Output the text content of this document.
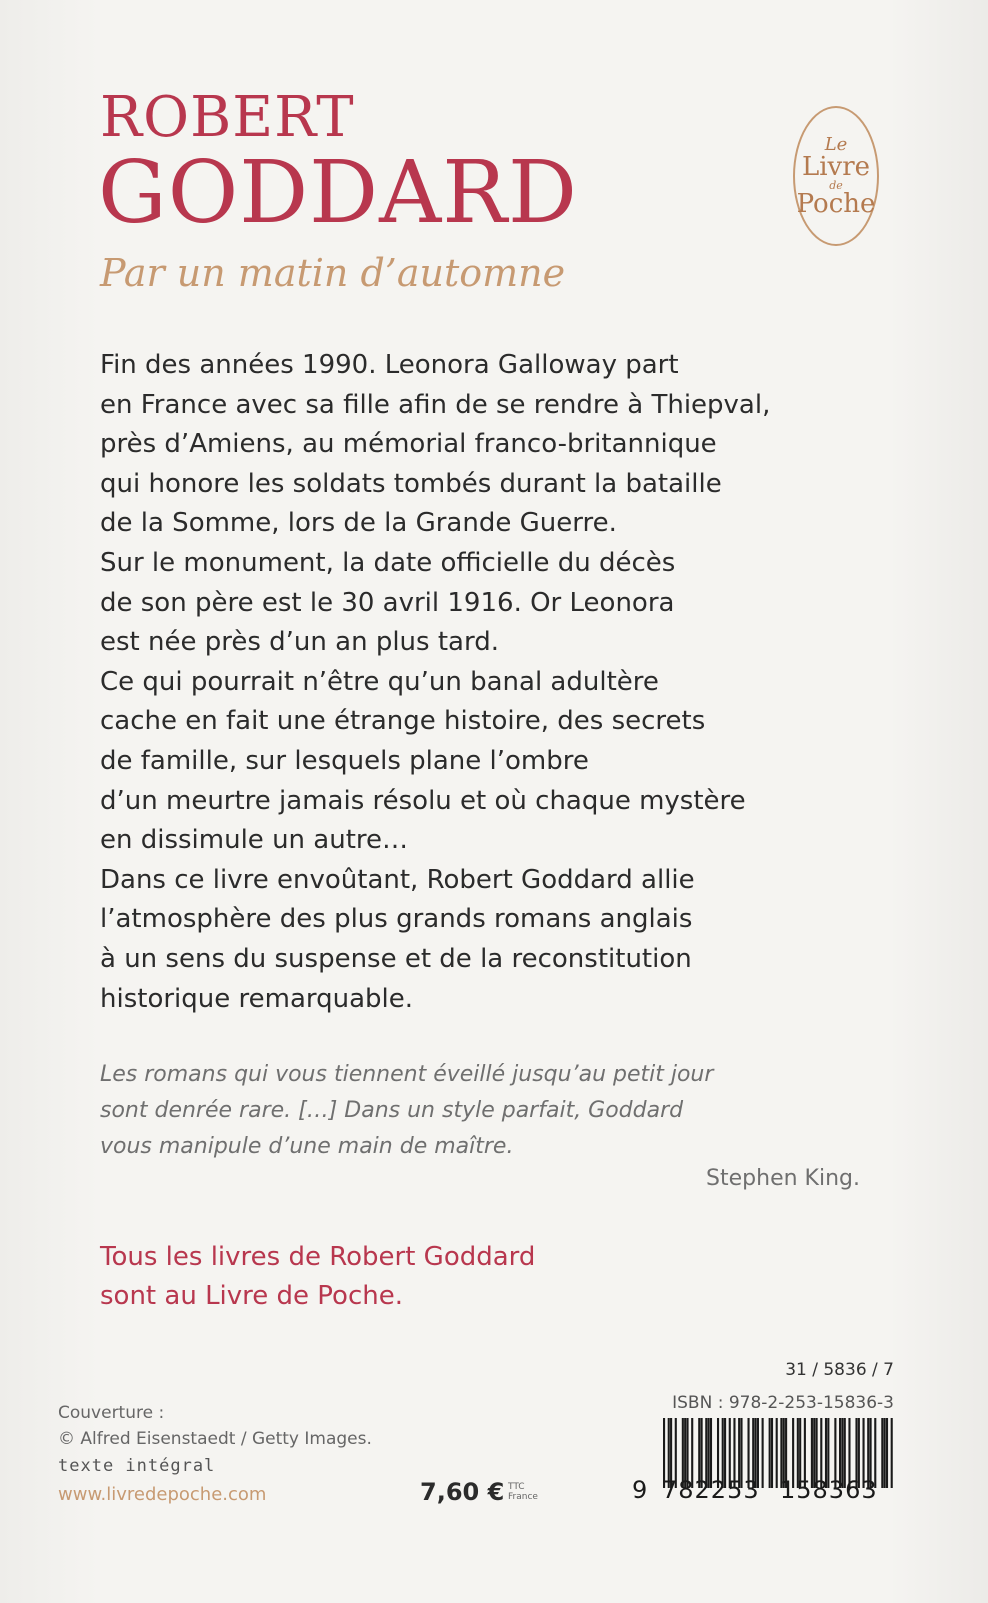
ROBERT
GODDARD
Par un matin d’automne
Le
Livre
de
Poche
Fin des années 1990. Leonora Galloway part
en France avec sa fille afin de se rendre à Thiepval,
près d’Amiens, au mémorial franco-britannique
qui honore les soldats tombés durant la bataille
de la Somme, lors de la Grande Guerre.
Sur le monument, la date officielle du décès
de son père est le 30 avril 1916. Or Leonora
est née près d’un an plus tard.
Ce qui pourrait n’être qu’un banal adultère
cache en fait une étrange histoire, des secrets
de famille, sur lesquels plane l’ombre
d’un meurtre jamais résolu et où chaque mystère
en dissimule un autre…
Dans ce livre envoûtant, Robert Goddard allie
l’atmosphère des plus grands romans anglais
à un sens du suspense et de la reconstitution
historique remarquable.
Les romans qui vous tiennent éveillé jusqu’au petit jour
sont denrée rare. […] Dans un style parfait, Goddard
vous manipule d’une main de maître.
Stephen King.
Tous les livres de Robert Goddard
sont au Livre de Poche.
Couverture :
© Alfred Eisenstaedt / Getty Images.
texte intégral
www.livredepoche.com	7,60 € TTC
France
31 / 5836 / 7
ISBN : 978-2-253-15836-3
9 782253 158363
